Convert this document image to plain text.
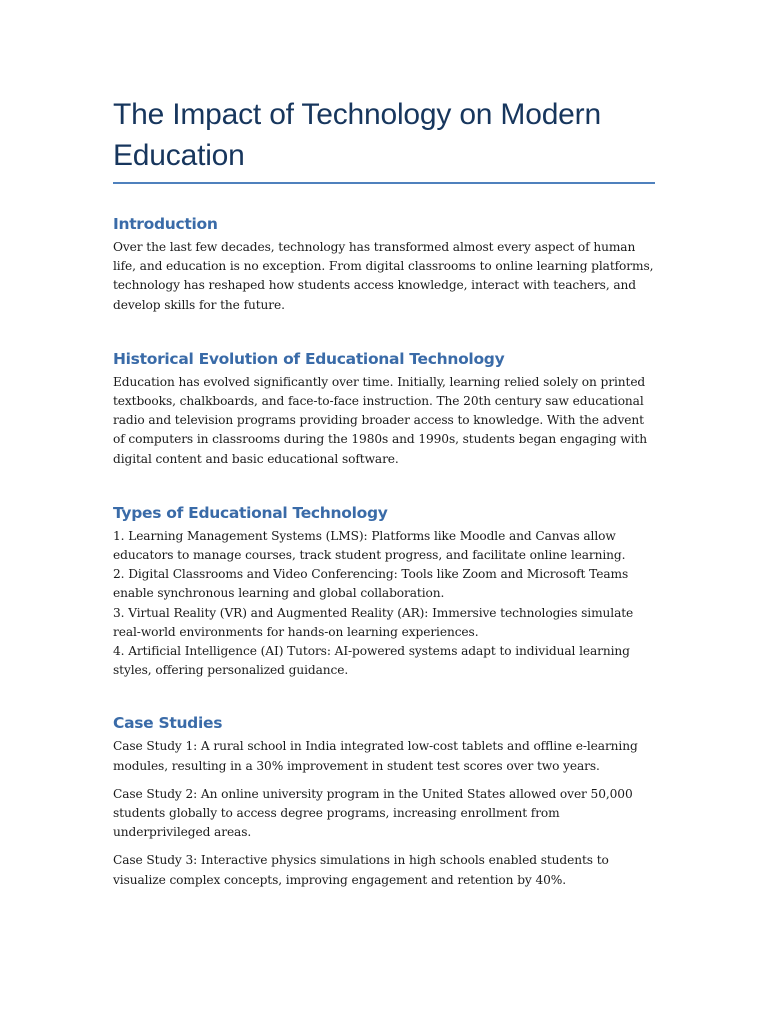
The Impact of Technology on Modern Education
Introduction

Over the last few decades, technology has transformed almost every aspect of human life, and education is no exception. From digital classrooms to online learning platforms, technology has reshaped how students access knowledge, interact with teachers, and develop skills for the future.

Historical Evolution of Educational Technology

Education has evolved significantly over time. Initially, learning relied solely on printed textbooks, chalkboards, and face-to-face instruction. The 20th century saw educational radio and television programs providing broader access to knowledge. With the advent of computers in classrooms during the 1980s and 1990s, students began engaging with digital content and basic educational software.

Types of Educational Technology

1. Learning Management Systems (LMS): Platforms like Moodle and Canvas allow educators to manage courses, track student progress, and facilitate online learning.

2. Digital Classrooms and Video Conferencing: Tools like Zoom and Microsoft Teams enable synchronous learning and global collaboration.

3. Virtual Reality (VR) and Augmented Reality (AR): Immersive technologies simulate real-world environments for hands-on learning experiences.

4. Artificial Intelligence (AI) Tutors: AI-powered systems adapt to individual learning styles, offering personalized guidance.

Case Studies

Case Study 1: A rural school in India integrated low-cost tablets and offline e-learning modules, resulting in a 30% improvement in student test scores over two years.

Case Study 2: An online university program in the United States allowed over 50,000 students globally to access degree programs, increasing enrollment from underprivileged areas.

Case Study 3: Interactive physics simulations in high schools enabled students to visualize complex concepts, improving engagement and retention by 40%.
